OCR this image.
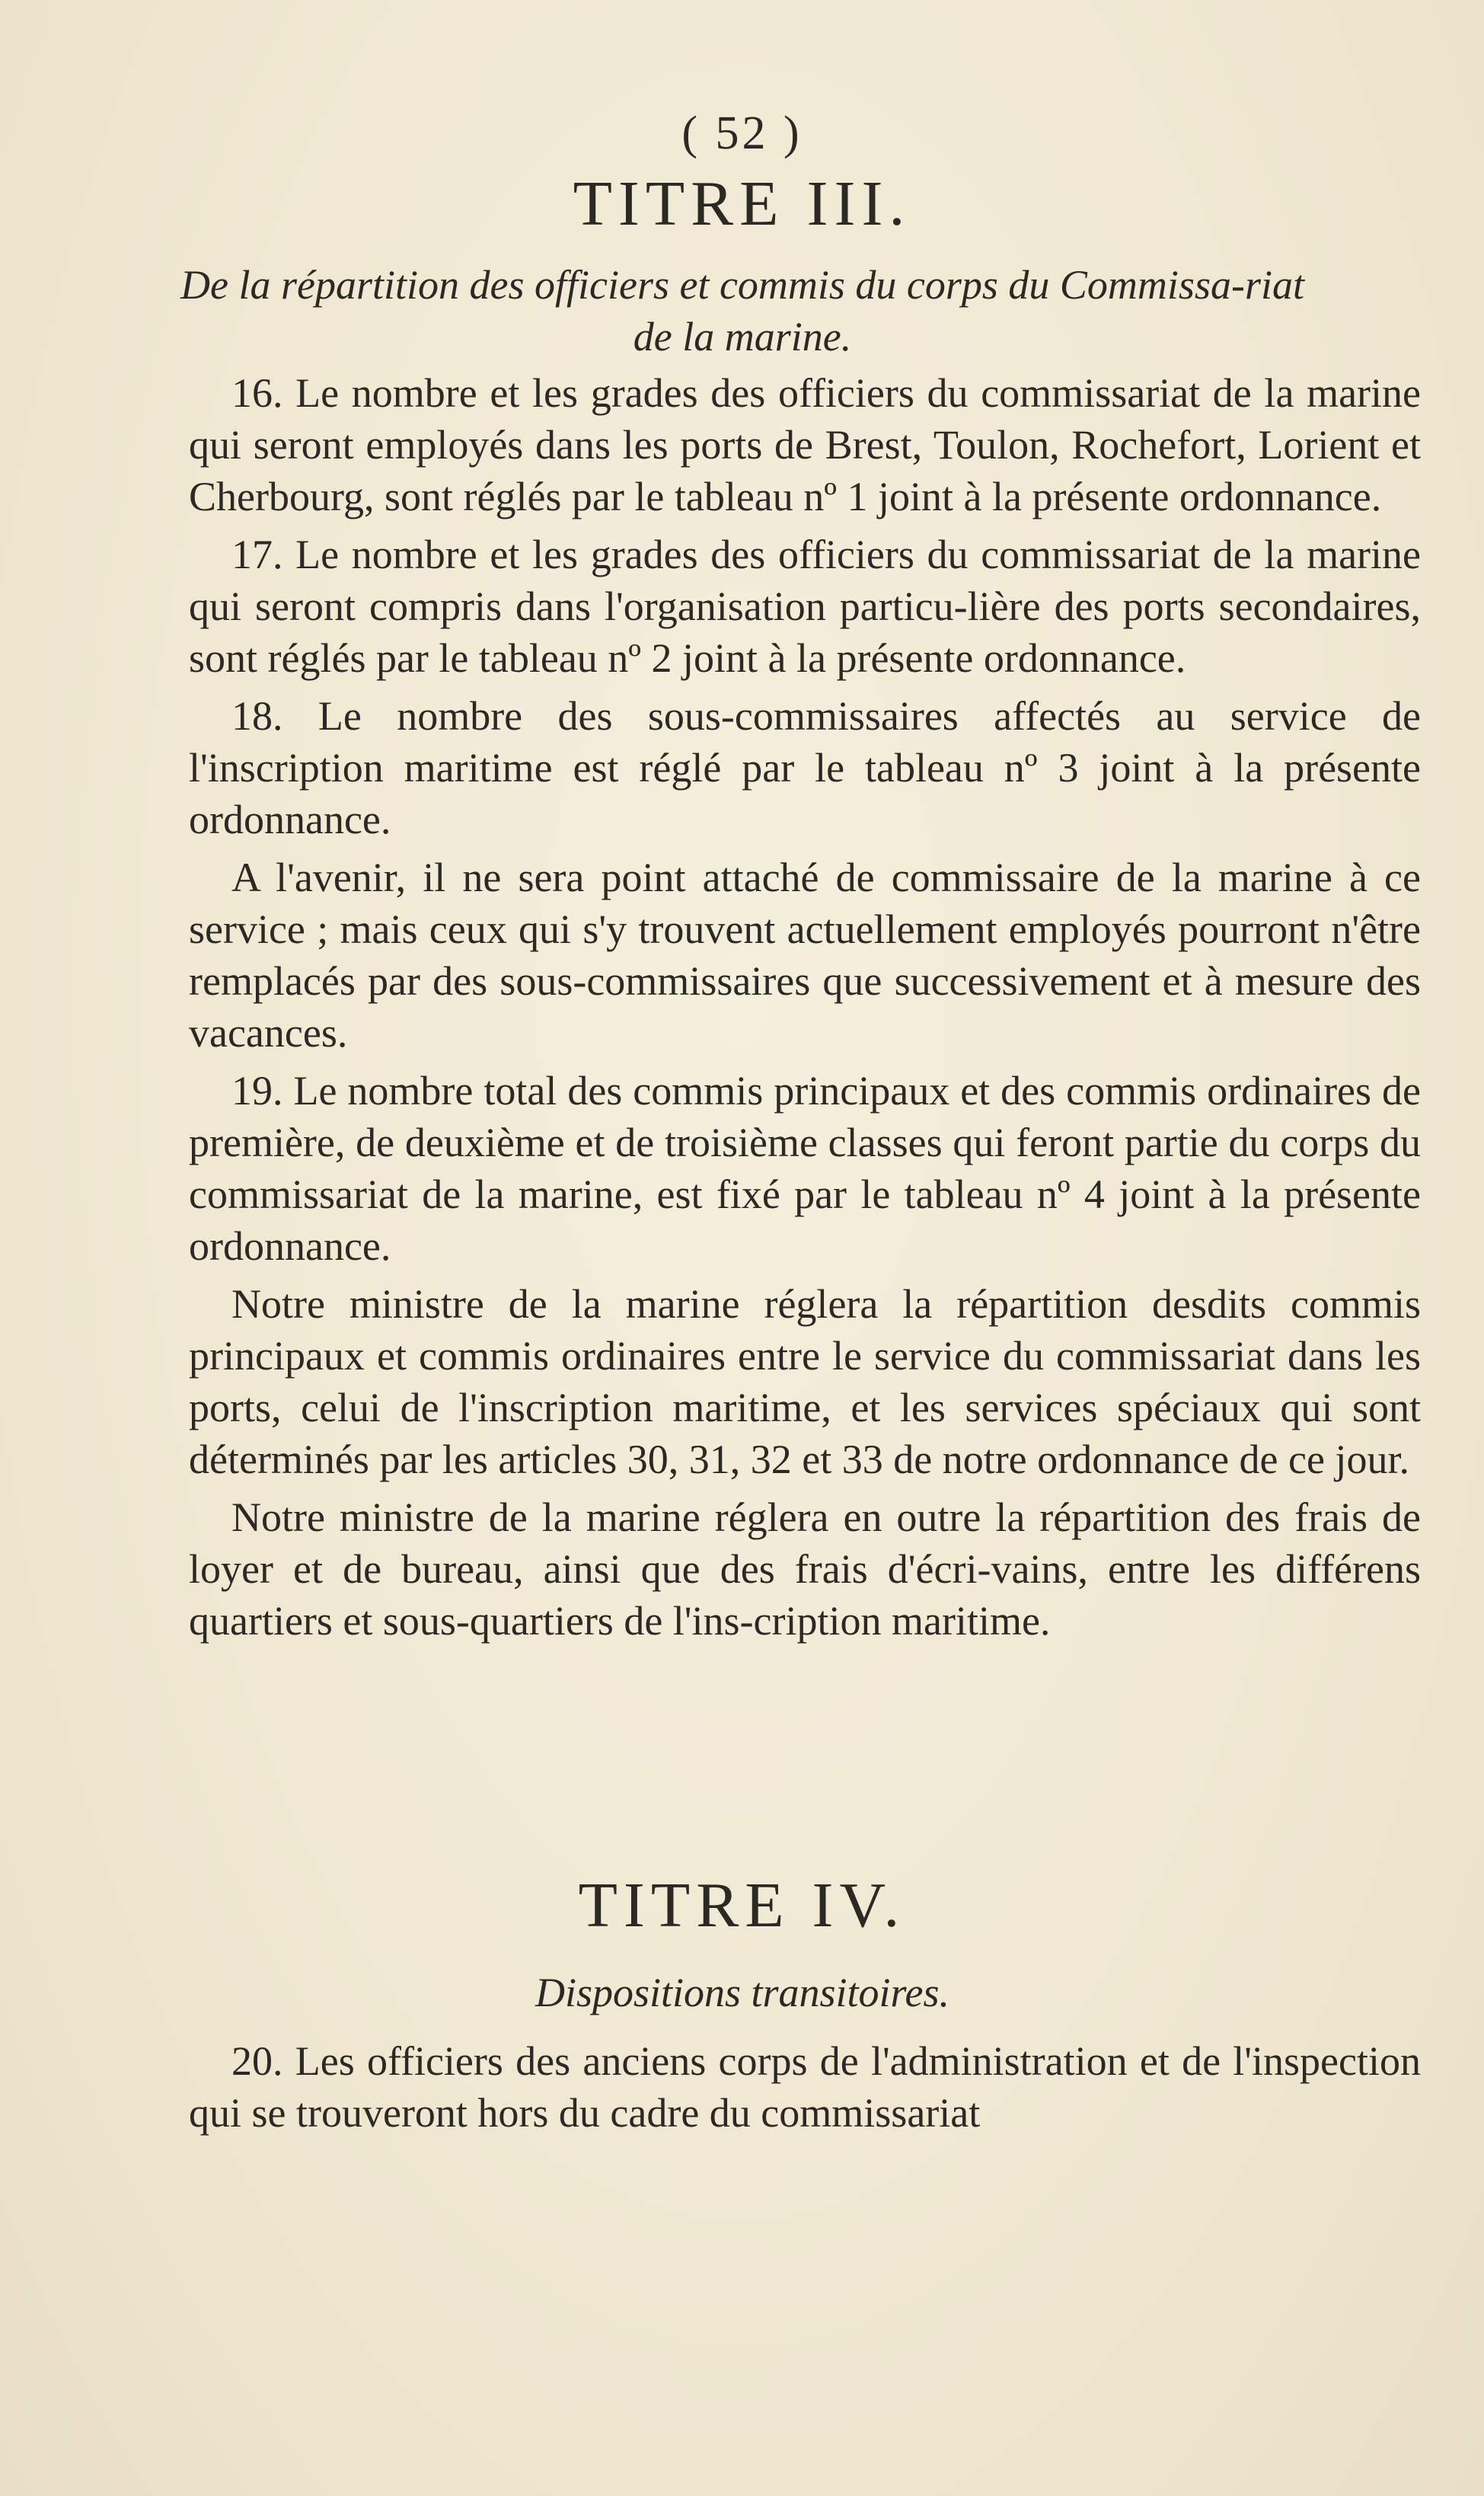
( 52 )
TITRE III.
De la répartition des officiers et commis du corps du Commissa-riat de la marine.

16. Le nombre et les grades des officiers du commissariat de la marine qui seront employés dans les ports de Brest, Toulon, Rochefort, Lorient et Cherbourg, sont réglés par le tableau nº 1 joint à la présente ordonnance.

17. Le nombre et les grades des officiers du commissariat de la marine qui seront compris dans l'organisation particu-lière des ports secondaires, sont réglés par le tableau nº 2 joint à la présente ordonnance.

18. Le nombre des sous-commissaires affectés au service de l'inscription maritime est réglé par le tableau nº 3 joint à la présente ordonnance.

A l'avenir, il ne sera point attaché de commissaire de la marine à ce service ; mais ceux qui s'y trouvent actuellement employés pourront n'être remplacés par des sous-commissaires que successivement et à mesure des vacances.

19. Le nombre total des commis principaux et des commis ordinaires de première, de deuxième et de troisième classes qui feront partie du corps du commissariat de la marine, est fixé par le tableau nº 4 joint à la présente ordonnance.

Notre ministre de la marine réglera la répartition desdits commis principaux et commis ordinaires entre le service du commissariat dans les ports, celui de l'inscription maritime, et les services spéciaux qui sont déterminés par les articles 30, 31, 32 et 33 de notre ordonnance de ce jour.

Notre ministre de la marine réglera en outre la répartition des frais de loyer et de bureau, ainsi que des frais d'écri-vains, entre les différens quartiers et sous-quartiers de l'ins-cription maritime.

TITRE IV.
Dispositions transitoires.

20. Les officiers des anciens corps de l'administration et de l'inspection qui se trouveront hors du cadre du commissariat
